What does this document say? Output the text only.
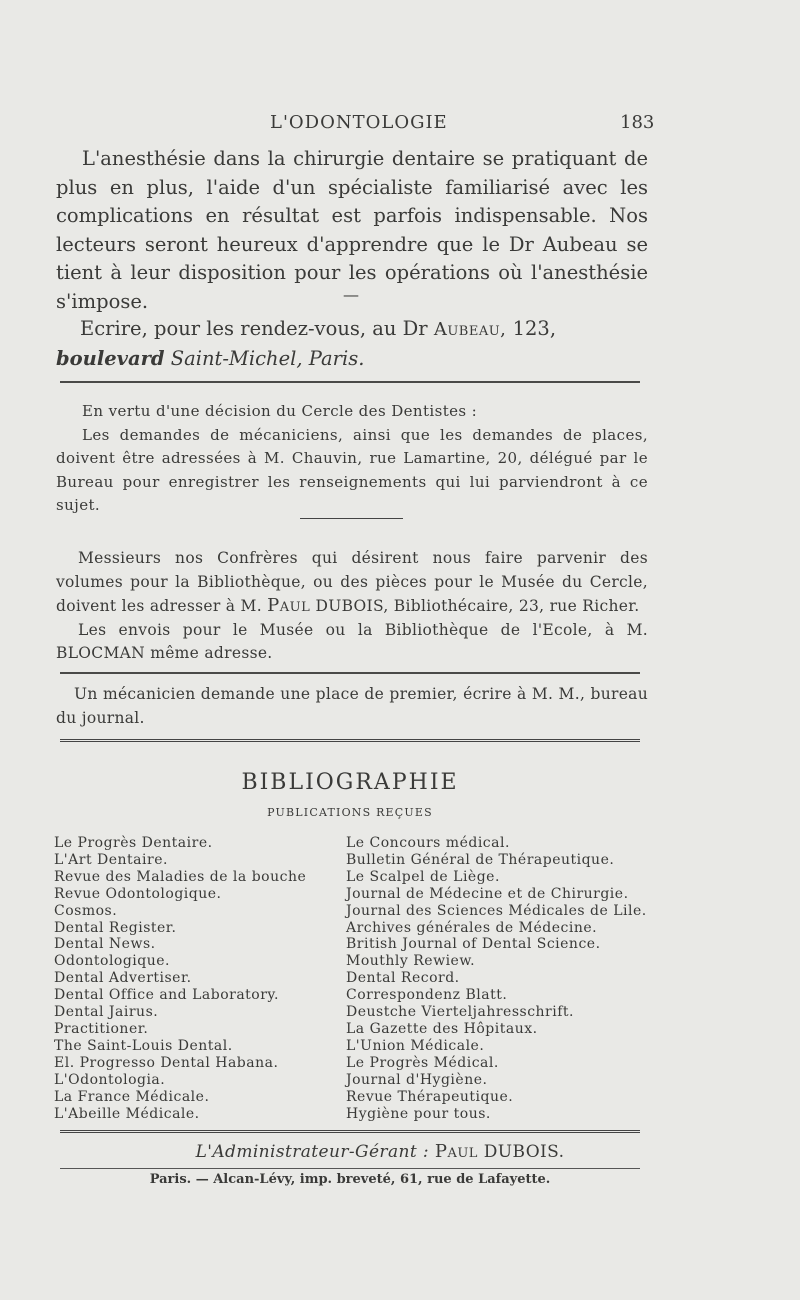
L'ODONTOLOGIE	183

L'anesthésie dans la chirurgie dentaire se pratiquant de plus en plus, l'aide d'un spécialiste familiarisé avec les complications en résultat est parfois indispensable. Nos lecteurs seront heureux d'apprendre que le Dr Aubeau se tient à leur disposition pour les opérations où l'anesthésie s'impose.	—

Ecrire, pour les rendez-vous, au Dr Aubeau, 123, boulevard Saint-Michel, Paris.

En vertu d'une décision du Cercle des Dentistes :

Les demandes de mécaniciens, ainsi que les demandes de places, doivent être adressées à M. Chauvin, rue Lamartine, 20, délégué par le Bureau pour enregistrer les renseignements qui lui parviendront à ce sujet.

Messieurs nos Confrères qui désirent nous faire parvenir des volumes pour la Bibliothèque, ou des pièces pour le Musée du Cercle, doivent les adresser à M. Paul DUBOIS, Bibliothécaire, 23, rue Richer.

Les envois pour le Musée ou la Bibliothèque de l'Ecole, à M. BLOCMAN même adresse.

Un mécanicien demande une place de premier, écrire à M. M., bureau du journal.

BIBLIOGRAPHIE
PUBLICATIONS REÇUES
Le Progrès Dentaire.
L'Art Dentaire.
Revue des Maladies de la bouche
Revue Odontologique.
Cosmos.
Dental Register.
Dental News.
Odontologique.
Dental Advertiser.
Dental Office and Laboratory.
Dental Jairus.
Practitioner.
The Saint-Louis Dental.
El. Progresso Dental Habana.
L'Odontologia.
La France Médicale.
L'Abeille Médicale.
Le Concours médical.
Bulletin Général de Thérapeutique.
Le Scalpel de Liège.
Journal de Médecine et de Chirurgie.
Journal des Sciences Médicales de Lile.
Archives générales de Médecine.
British Journal of Dental Science.
Mouthly Rewiew.
Dental Record.
Correspondenz Blatt.
Deustche Vierteljahresschrift.
La Gazette des Hôpitaux.
L'Union Médicale.
Le Progrès Médical.
Journal d'Hygiène.
Revue Thérapeutique.
Hygiène pour tous.
L'Administrateur-Gérant : Paul DUBOIS.
Paris. — Alcan-Lévy, imp. breveté, 61, rue de Lafayette.
